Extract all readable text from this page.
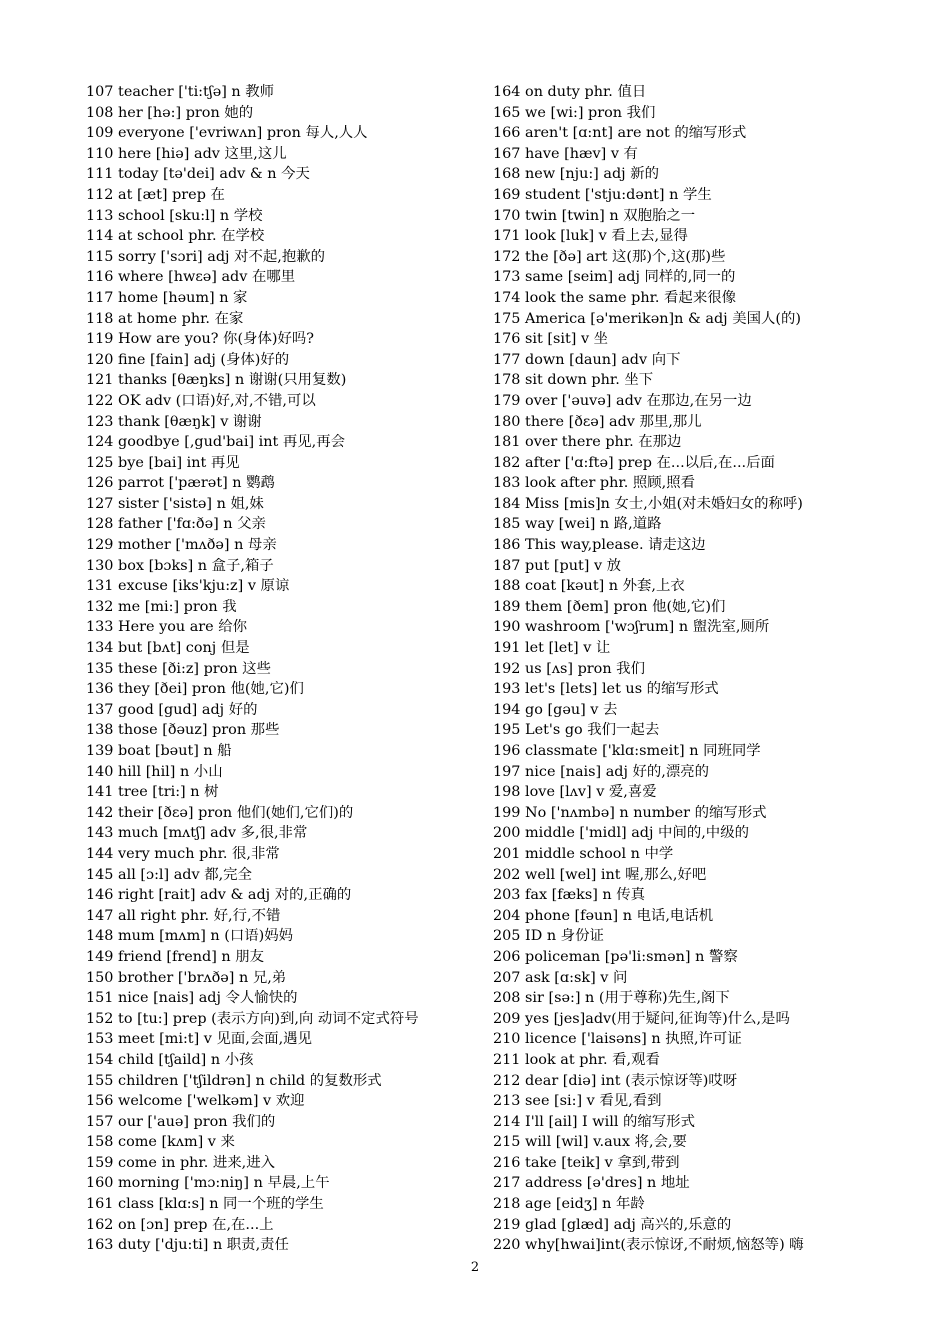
107 teacher ['ti:tʃə] n 教师
108 her [hə:] pron 她的
109 everyone ['evriwʌn] pron 每人,人人
110 here [hiə] adv 这里,这儿
111 today [tə'dei] adv & n 今天
112 at [æt] prep 在
113 school [sku:l] n 学校
114 at school phr. 在学校
115 sorry ['sɔri] adj 对不起,抱歉的
116 where [hwɛə] adv 在哪里
117 home [həum] n 家
118 at home phr. 在家
119 How are you? 你(身体)好吗?
120 fine [fain] adj (身体)好的
121 thanks [θæŋks] n 谢谢(只用复数)
122 OK adv (口语)好,对,不错,可以
123 thank [θæŋk] v 谢谢
124 goodbye [,gud'bai] int 再见,再会
125 bye [bai] int 再见
126 parrot ['pærət] n 鹦鹉
127 sister ['sistə] n 姐,妹
128 father ['fɑ:ðə] n 父亲
129 mother ['mʌðə] n 母亲
130 box [bɔks] n 盒子,箱子
131 excuse [iks'kju:z] v 原谅
132 me [mi:] pron 我
133 Here you are 给你
134 but [bʌt] conj 但是
135 these [ði:z] pron 这些
136 they [ðei] pron 他(她,它)们
137 good [gud] adj 好的
138 those [ðəuz] pron 那些
139 boat [bəut] n 船
140 hill [hil] n 小山
141 tree [tri:] n 树
142 their [ðɛə] pron 他们(她们,它们)的
143 much [mʌtʃ] adv 多,很,非常
144 very much phr. 很,非常
145 all [ɔ:l] adv 都,完全
146 right [rait] adv & adj 对的,正确的
147 all right phr. 好,行,不错
148 mum [mʌm] n (口语)妈妈
149 friend [frend] n 朋友
150 brother ['brʌðə] n 兄,弟
151 nice [nais] adj 令人愉快的
152 to [tu:] prep (表示方向)到,向 动词不定式符号
153 meet [mi:t] v 见面,会面,遇见
154 child [tʃaild] n 小孩
155 children ['tʃildrən] n child 的复数形式
156 welcome ['welkəm] v 欢迎
157 our ['auə] pron 我们的
158 come [kʌm] v 来
159 come in phr. 进来,进入
160 morning ['mɔ:niŋ] n 早晨,上午
161 class [klɑ:s] n 同一个班的学生
162 on [ɔn] prep 在,在...上
163 duty ['dju:ti] n 职责,责任
164 on duty phr. 值日
165 we [wi:] pron 我们
166 aren't [ɑ:nt] are not 的缩写形式
167 have [hæv] v 有
168 new [nju:] adj 新的
169 student ['stju:dənt] n 学生
170 twin [twin] n 双胞胎之一
171 look [luk] v 看上去,显得
172 the [ðə] art 这(那)个,这(那)些
173 same [seim] adj 同样的,同一的
174 look the same phr. 看起来很像
175 America [ə'merikən]n & adj 美国人(的)
176 sit [sit] v 坐
177 down [daun] adv 向下
178 sit down phr. 坐下
179 over ['əuvə] adv 在那边,在另一边
180 there [ðɛə] adv 那里,那儿
181 over there phr. 在那边
182 after ['ɑ:ftə] prep 在...以后,在...后面
183 look after phr. 照顾,照看
184 Miss [mis]n 女士,小姐(对未婚妇女的称呼)
185 way [wei] n 路,道路
186 This way,please. 请走这边
187 put [put] v 放
188 coat [kəut] n 外套,上衣
189 them [ðem] pron 他(她,它)们
190 washroom ['wɔʃrum] n 盥洗室,厕所
191 let [let] v 让
192 us [ʌs] pron 我们
193 let's [lets] let us 的缩写形式
194 go [gəu] v 去
195 Let's go 我们一起去
196 classmate ['klɑ:smeit] n 同班同学
197 nice [nais] adj 好的,漂亮的
198 love [lʌv] v 爱,喜爱
199 No ['nʌmbə] n number 的缩写形式
200 middle ['midl] adj 中间的,中级的
201 middle school n 中学
202 well [wel] int 喔,那么,好吧
203 fax [fæks] n 传真
204 phone [fəun] n 电话,电话机
205 ID n 身份证
206 policeman [pə'li:smən] n 警察
207 ask [ɑ:sk] v 问
208 sir [sə:] n (用于尊称)先生,阁下
209 yes [jes]adv(用于疑问,征询等)什么,是吗
210 licence ['laisəns] n 执照,许可证
211 look at phr. 看,观看
212 dear [diə] int (表示惊讶等)哎呀
213 see [si:] v 看见,看到
214 I'll [ail] I will 的缩写形式
215 will [wil] v.aux 将,会,要
216 take [teik] v 拿到,带到
217 address [ə'dres] n 地址
218 age [eidʒ] n 年龄
219 glad [glæd] adj 高兴的,乐意的
220 why[hwai]int(表示惊讶,不耐烦,恼怒等) 嗨
2
